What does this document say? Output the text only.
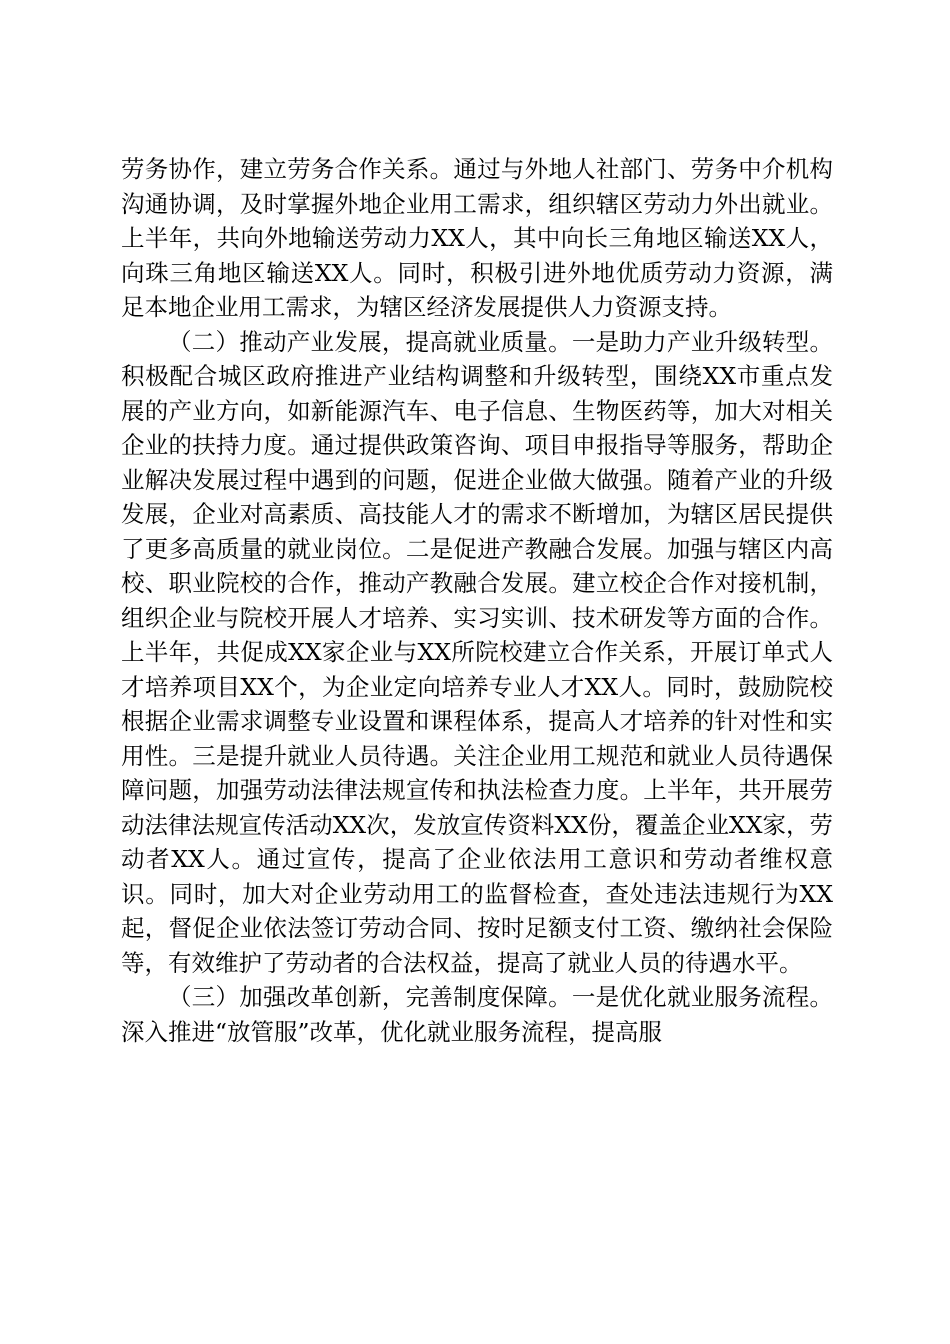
劳务协作，建立劳务合作关系。通过与外地人社部门、劳务中介机构沟通协调，及时掌握外地企业用工需求，组织辖区劳动力外出就业。上半年，共向外地输送劳动力XX人，其中向长三角地区输送XX人，向珠三角地区输送XX人。同时，积极引进外地优质劳动力资源，满足本地企业用工需求，为辖区经济发展提供人力资源支持。

（二）推动产业发展，提高就业质量。一是助力产业升级转型。积极配合城区政府推进产业结构调整和升级转型，围绕XX市重点发展的产业方向，如新能源汽车、电子信息、生物医药等，加大对相关企业的扶持力度。通过提供政策咨询、项目申报指导等服务，帮助企业解决发展过程中遇到的问题，促进企业做大做强。随着产业的升级发展，企业对高素质、高技能人才的需求不断增加，为辖区居民提供了更多高质量的就业岗位。二是促进产教融合发展。加强与辖区内高校、职业院校的合作，推动产教融合发展。建立校企合作对接机制，组织企业与院校开展人才培养、实习实训、技术研发等方面的合作。上半年，共促成XX家企业与XX所院校建立合作关系，开展订单式人才培养项目XX个，为企业定向培养专业人才XX人。同时，鼓励院校根据企业需求调整专业设置和课程体系，提高人才培养的针对性和实用性。三是提升就业人员待遇。关注企业用工规范和就业人员待遇保障问题，加强劳动法律法规宣传和执法检查力度。上半年，共开展劳动法律法规宣传活动XX次，发放宣传资料XX份，覆盖企业XX家，劳动者XX人。通过宣传，提高了企业依法用工意识和劳动者维权意识。同时，加大对企业劳动用工的监督检查，查处违法违规行为XX起，督促企业依法签订劳动合同、按时足额支付工资、缴纳社会保险等，有效维护了劳动者的合法权益，提高了就业人员的待遇水平。

（三）加强改革创新，完善制度保障。一是优化就业服务流程。深入推进“放管服”改革，优化就业服务流程，提高服
